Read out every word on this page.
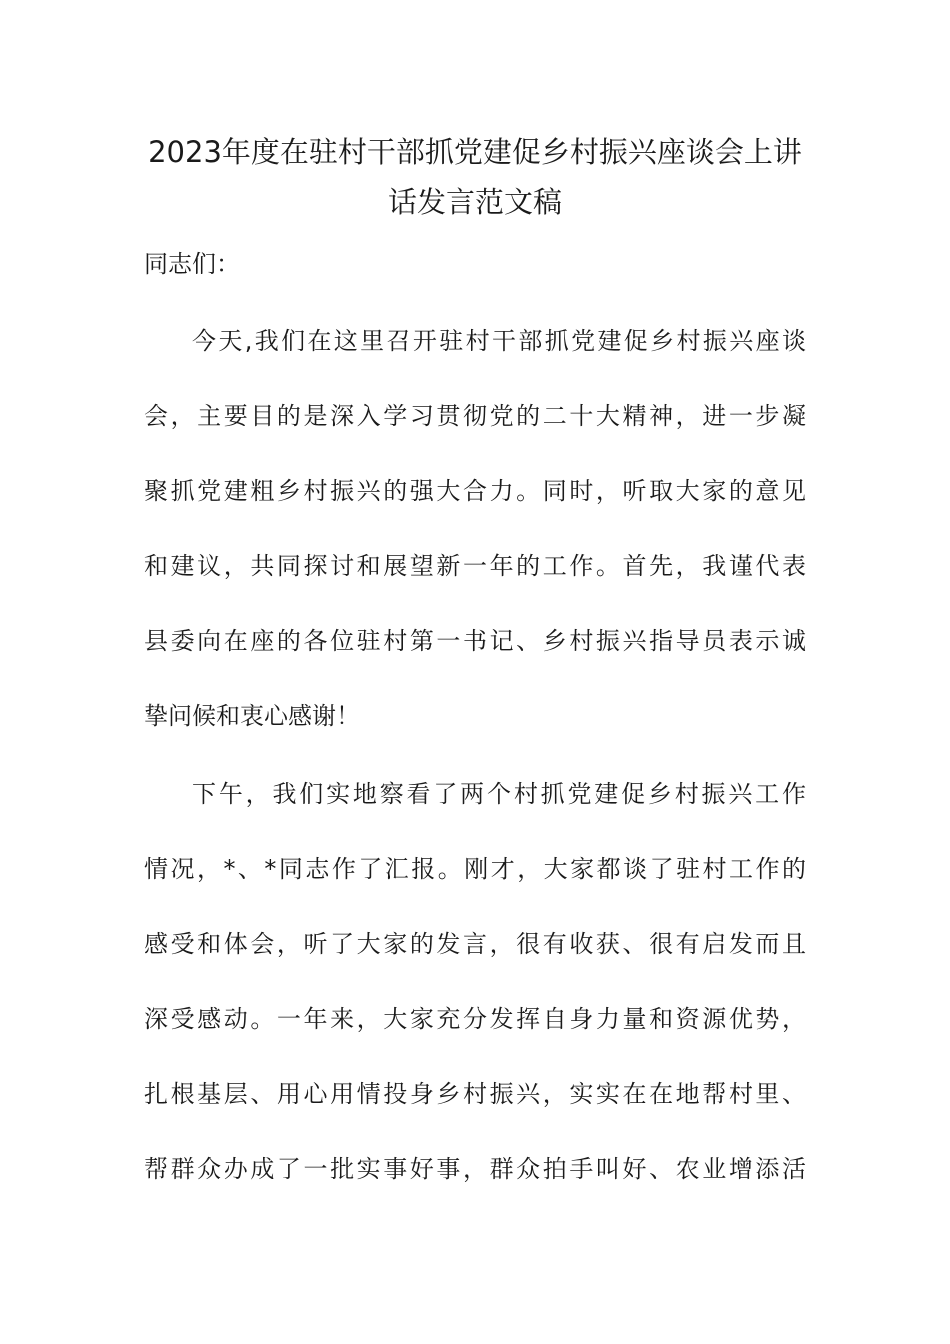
2023年度在驻村干部抓党建促乡村振兴座谈会上讲
话发言范文稿
同志们：
今天,我们在这里召开驻村干部抓党建促乡村振兴座谈
会，主要目的是深入学习贯彻党的二十大精神，进一步凝
聚抓党建粗乡村振兴的强大合力。同时，听取大家的意见
和建议，共同探讨和展望新一年的工作。首先，我谨代表
县委向在座的各位驻村第一书记、乡村振兴指导员表示诚
挚问候和衷心感谢！
下午，我们实地察看了两个村抓党建促乡村振兴工作
情况，*、*同志作了汇报。刚才，大家都谈了驻村工作的
感受和体会，听了大家的发言，很有收获、很有启发而且
深受感动。一年来，大家充分发挥自身力量和资源优势，
扎根基层、用心用情投身乡村振兴，实实在在地帮村里、
帮群众办成了一批实事好事，群众拍手叫好、农业增添活
